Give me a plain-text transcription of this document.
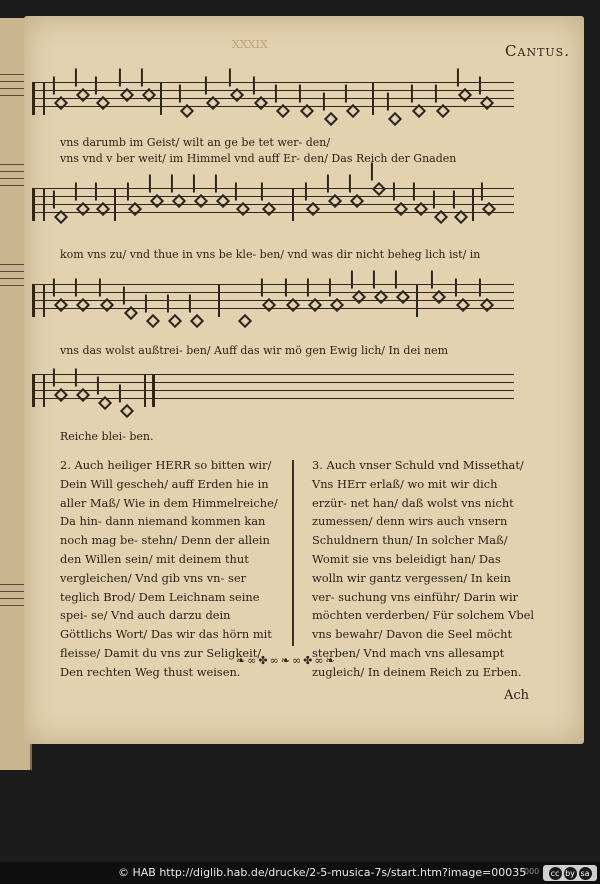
XXXIX	Cantus.
vns darumb im Geist/ wilt an ge be tet wer- den/
vns vnd v ber weit/ im Himmel vnd auff Er- den/ Das Reich der Gnaden
kom vns zu/ vnd thue in vns be kle- ben/ vnd was dir nicht beheg lich ist/ in
vns das wolst außtrei- ben/ Auff das wir mö gen Ewig lich/ In dei nem
Reiche blei- ben.
2. Auch heiliger HERR so bitten wir/ Dein Will gescheh/ auff Erden hie in aller Maß/ Wie in dem Himmelreiche/ Da hin- dann niemand kommen kan noch mag be- stehn/ Denn der allein den Willen sein/ mit deinem thut vergleichen/ Vnd gib vns vn- ser teglich Brod/ Dem Leichnam seine spei- se/ Vnd auch darzu dein Göttlichs Wort/ Das wir das hörn mit fleisse/ Damit du vns zur Seligkeit/ Den rechten Weg thust weisen.
3. Auch vnser Schuld vnd Missethat/ Vns HErr erlaß/ wo mit wir dich erzür- net han/ daß wolst vns nicht zumessen/ denn wirs auch vnsern Schuldnern thun/ In solcher Maß/ Womit sie vns beleidigt han/ Das wolln wir gantz vergessen/ In kein ver- suchung vns einführ/ Darin wir möchten verderben/ Für solchem Vbel vns bewahr/ Davon die Seel möcht sterben/ Vnd mach vns allesampt zugleich/ In deinem Reich zu Erben.
❧∞✤∞❧∞✤∞❧
Ach
© HAB http://diglib.hab.de/drucke/2-5-musica-7s/start.htm?image=00035
000 cc by sa
